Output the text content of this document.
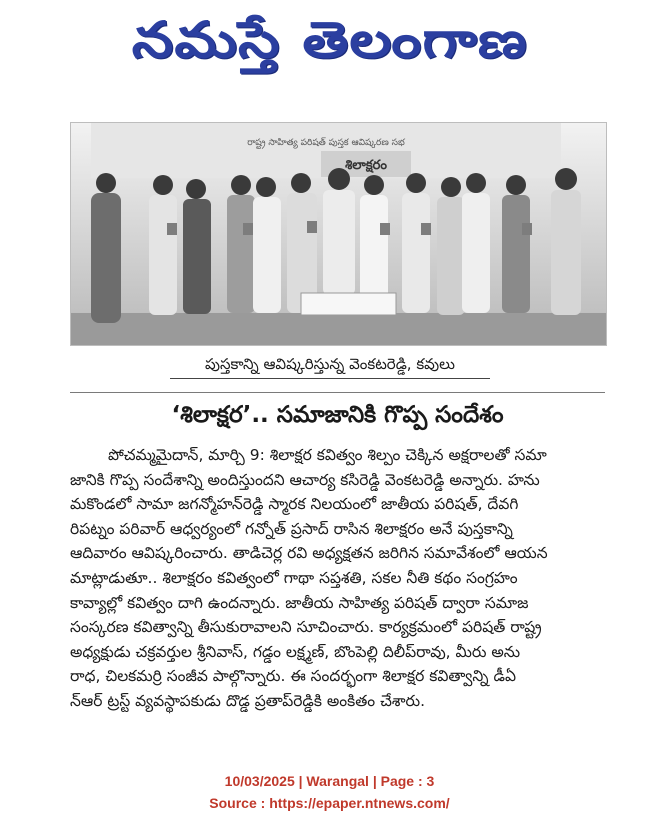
నమస్తే తెలంగాణ
రాష్ట్ర సాహిత్య పరిషత్ పుస్తక ఆవిష్కరణ సభ
శిలాక్షరం
పుస్తకాన్ని ఆవిష్కరిస్తున్న వెంకటరెడ్డి, కవులు
‘శిలాక్షర’.. సమాజానికి గొప్ప సందేశం
పోచమ్మమైదాన్, మార్చి 9: శిలాక్షర కవిత్వం శిల్పం చెక్కిన అక్షరాలతో సమా
జానికి గొప్ప సందేశాన్ని అందిస్తుందని ఆచార్య కసిరెడ్డి వెంకటరెడ్డి అన్నారు. హను
మకొండలో సామా జగన్మోహన్‌రెడ్డి స్మారక నిలయంలో జాతీయ పరిషత్, దేవగి
రిపట్నం పరివార్ ఆధ్వర్యంలో గన్నోత్ ప్రసాద్ రాసిన శిలాక్షరం అనే పుస్తకాన్ని
ఆదివారం ఆవిష్కరించారు. తాడిచెర్ల రవి అధ్యక్షతన జరిగిన సమావేశంలో ఆయన
మాట్లాడుతూ.. శిలాక్షరం కవిత్వంలో గాథా సప్తశతి, సకల నీతి కథం సంగ్రహం
కావ్యాల్లో కవిత్వం దాగి ఉందన్నారు. జాతీయ సాహిత్య పరిషత్ ద్వారా సమాజ
సంస్కరణ కవిత్వాన్ని తీసుకురావాలని సూచించారు. కార్యక్రమంలో పరిషత్ రాష్ట్ర
అధ్యక్షుడు చక్రవర్తుల శ్రీనివాస్, గడ్డం లక్ష్మణ్, బొంపెల్లి దిలీప్‌రావు, మీరు అను
రాధ, చిలకమర్రి సంజీవ పాల్గొన్నారు. ఈ సందర్భంగా శిలాక్షర కవిత్వాన్ని డీఏ
న్ఆర్ ట్రస్ట్ వ్యవస్థాపకుడు దొడ్డ ప్రతాప్‌రెడ్డికి అంకితం చేశారు.
10/03/2025 | Warangal | Page : 3
Source : https://epaper.ntnews.com/
